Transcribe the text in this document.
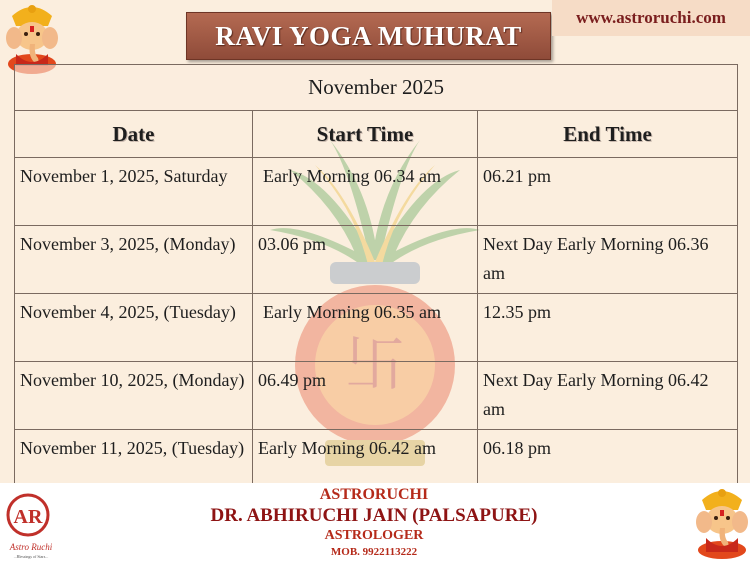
RAVI YOGA MUHURAT
www.astroruchi.com
卐
November 2025		
Date	Start Time	End Time
November 1, 2025, Saturday	Early Morning 06.34 am	06.21 pm
November 3, 2025, (Monday)	03.06 pm	Next Day Early Morning 06.36 am
November 4, 2025, (Tuesday)	Early Morning 06.35 am	12.35 pm
November 10, 2025, (Monday)	06.49 pm	Next Day Early Morning 06.42 am
November 11, 2025, (Tuesday)	Early Morning 06.42 am	06.18 pm
AR
Astro Ruchi
...Blessings of Stars...
ASTRORUCHI
DR. ABHIRUCHI JAIN (PALSAPURE)
ASTROLOGER
MOB. 9922113222
